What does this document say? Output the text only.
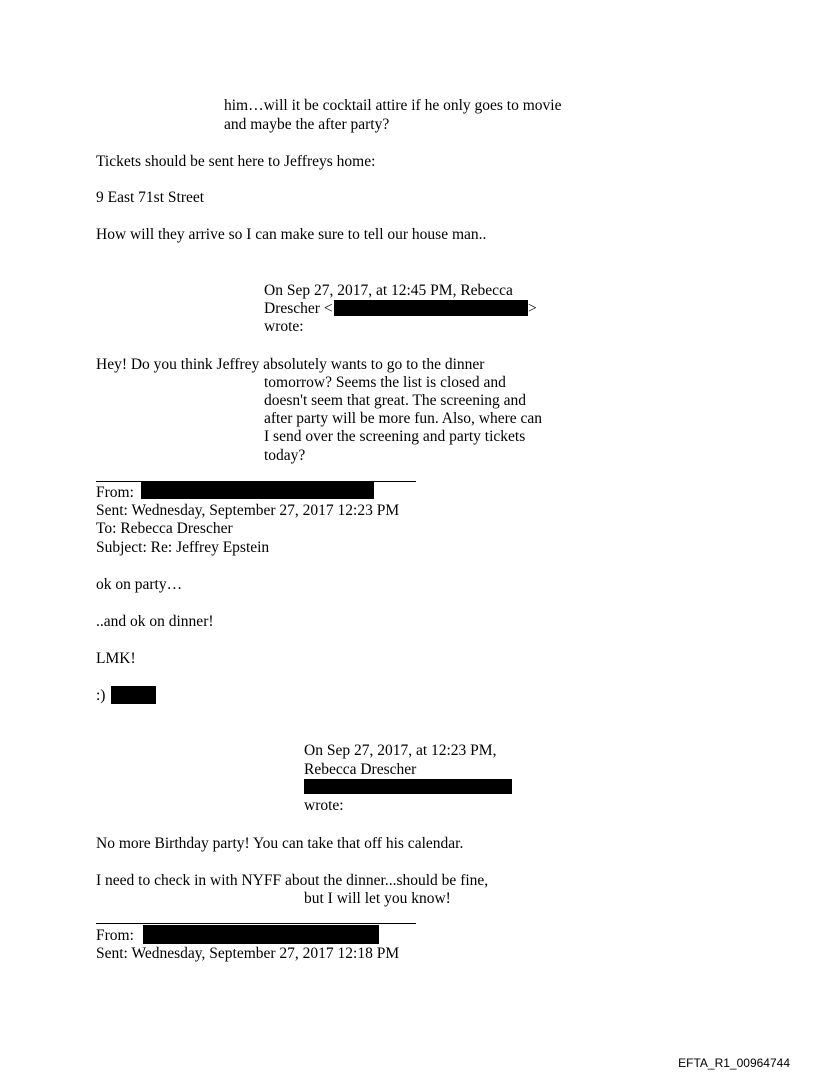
him…will it be cocktail attire if he only goes to movie
and maybe the after party?
Tickets should be sent here to Jeffreys home:
9 East 71st Street
How will they arrive so I can make sure to tell our house man..
On Sep 27, 2017, at 12:45 PM, Rebecca
Drescher <	>
wrote:
Hey! Do you think Jeffrey absolutely wants to go to the dinner
tomorrow? Seems the list is closed and
doesn't seem that great. The screening and
after party will be more fun. Also, where can
I send over the screening and party tickets
today?
From:
Sent: Wednesday, September 27, 2017 12:23 PM
To: Rebecca Drescher
Subject: Re: Jeffrey Epstein
ok on party…
..and ok on dinner!
LMK!
:)
On Sep 27, 2017, at 12:23 PM,
Rebecca Drescher
wrote:
No more Birthday party! You can take that off his calendar.
I need to check in with NYFF about the dinner...should be fine,
but I will let you know!
From:
Sent: Wednesday, September 27, 2017 12:18 PM
EFTA_R1_00964744
